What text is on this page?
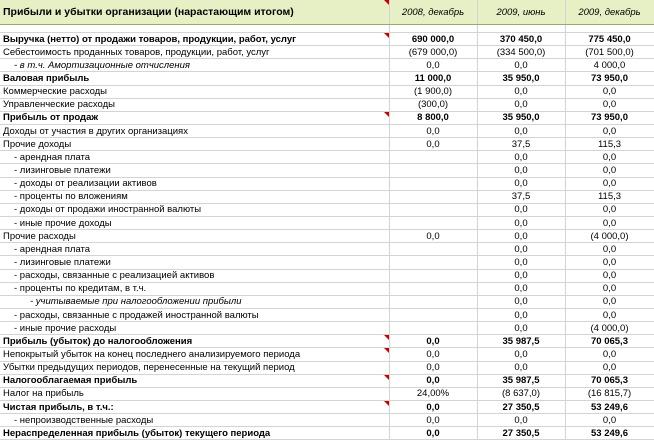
Прибыли и убытки организации (нарастающим итогом)	2008, декабрь	2009, июнь	2009, декабрь

Выручка (нетто) от продажи товаров, продукции, работ, услуг	690 000,0	370 450,0	775 450,0
Себестоимость проданных товаров, продукции, работ, услуг	(679 000,0)	(334 500,0)	(701 500,0)
- в т.ч. Амортизационные отчисления	0,0	0,0	4 000,0
Валовая прибыль	11 000,0	35 950,0	73 950,0
Коммерческие расходы	(1 900,0)	0,0	0,0
Управленческие расходы	(300,0)	0,0	0,0
Прибыль от продаж	8 800,0	35 950,0	73 950,0
Доходы от участия в других организациях	0,0	0,0	0,0
Прочие доходы	0,0	37,5	115,3
- арендная плата		0,0	0,0
- лизинговые платежи		0,0	0,0
- доходы от реализации активов		0,0	0,0
- проценты по вложениям		37,5	115,3
- доходы от продажи иностранной валюты		0,0	0,0
- иные прочие доходы		0,0	0,0
Прочие расходы	0,0	0,0	(4 000,0)
- арендная плата		0,0	0,0
- лизинговые платежи		0,0	0,0
- расходы, связанные с реализацией активов		0,0	0,0
- проценты по кредитам, в т.ч.		0,0	0,0
- учитываемые при налогообложении прибыли		0,0	0,0
- расходы, связанные с продажей иностранной валюты		0,0	0,0
- иные прочие расходы		0,0	(4 000,0)
Прибыль (убыток) до налогообложения	0,0	35 987,5	70 065,3
Непокрытый убыток на конец последнего анализируемого периода	0,0	0,0	0,0
Убытки предыдущих периодов, перенесенные на текущий период	0,0	0,0	0,0
Налогооблагаемая прибыль	0,0	35 987,5	70 065,3
Налог на прибыль	24,00%	(8 637,0)	(16 815,7)
Чистая прибыль, в т.ч.:	0,0	27 350,5	53 249,6
- непроизводственные расходы	0,0	0,0	0,0
Нераспределенная прибыль (убыток) текущего периода	0,0	27 350,5	53 249,6
